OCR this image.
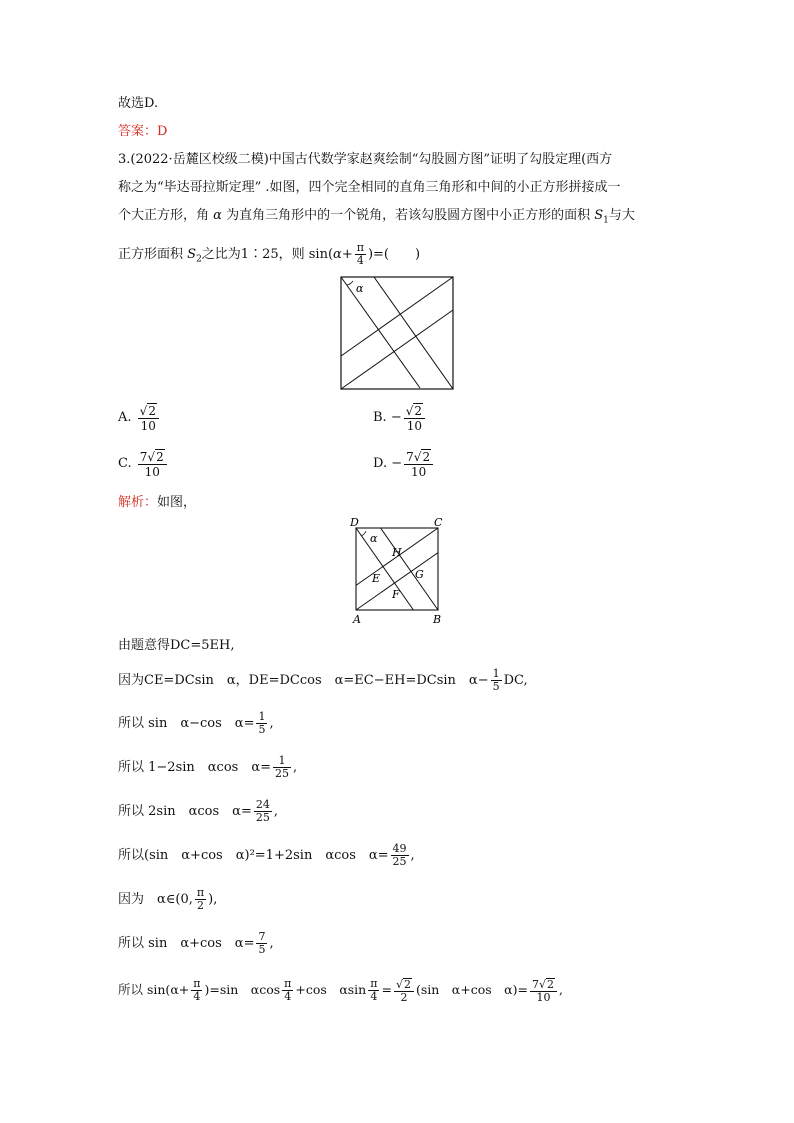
故选D.
答案：D
3.(2022·岳麓区校级二模)中国古代数学家赵爽绘制“勾股圆方图”证明了勾股定理(西方
称之为“毕达哥拉斯定理” .如图，四个完全相同的直角三角形和中间的小正方形拼接成一
个大正方形，角 α 为直角三角形中的一个锐角，若该勾股圆方图中小正方形的面积 $S_1$与大
正方形面积 $S_2$之比为1∶25，则 $\sin(\alpha+ \frac{\pi}{4}$ )=(　　)
α
A. $\frac{√2}{10}$	B. − $\frac{√2}{10}$
C. $\frac{7√2}{10}$	D. − $\frac{7√2}{10}$
解析：如图，
D	C
A	B
α
H
E	G
F
由题意得DC=5EH,
因为CE=DCsin　α，DE=DCcos　α=EC−EH=DCsin　$\alpha- \frac{1}{5}$ DC,
所以 sin　α−cos　$\alpha= \frac{1}{5}$ ,
所以 1−2sin　αcos　$\alpha= \frac{1}{25}$ ,
所以 2sin　αcos　$\alpha= \frac{24}{25}$ ,
所以(sin　α+cos　α)²=1+2sin　αcos　$\alpha= \frac{49}{25}$ ,
因为　α∈(0, $\frac{\pi}{2}$ ),
所以 sin　α+cos　$\alpha= \frac{7}{5}$ ,
所以 $\sin(\alpha+ \frac{\pi}{4} )=\sin$　αcos $\frac{\pi}{4} +\cos$　αsin $\frac{\pi}{4} = \frac{√2}{2} (\sin$　α+cos　$\alpha)= \frac{7√2}{10}$ ,
